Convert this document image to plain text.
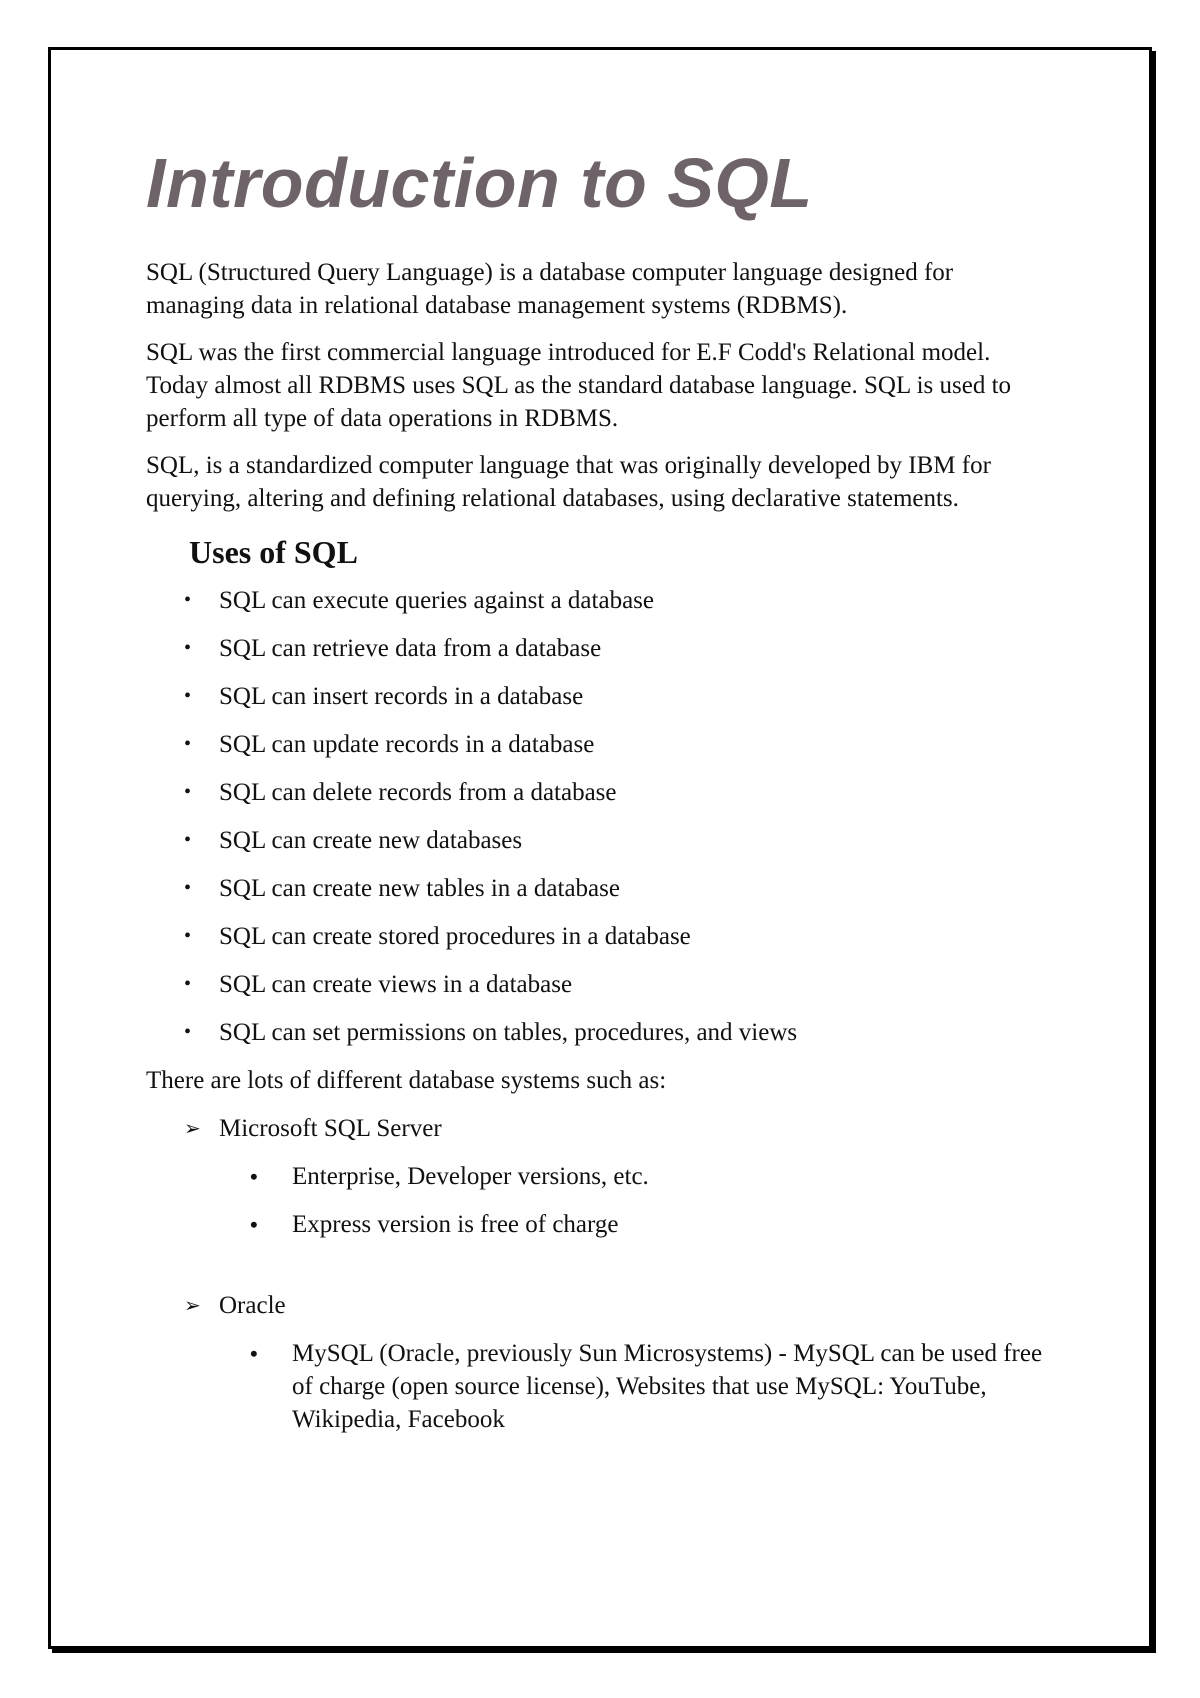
Introduction to SQL

SQL (Structured Query Language) is a database computer language designed for managing data in relational database management systems (RDBMS).

SQL was the first commercial language introduced for E.F Codd's Relational model. Today almost all RDBMS uses SQL as the standard database language. SQL is used to perform all type of data operations in RDBMS.

SQL, is a standardized computer language that was originally developed by IBM for querying, altering and defining relational databases, using declarative statements.

Uses of SQL
• SQL can execute queries against a database
• SQL can retrieve data from a database
• SQL can insert records in a database
• SQL can update records in a database
• SQL can delete records from a database
• SQL can create new databases
• SQL can create new tables in a database
• SQL can create stored procedures in a database
• SQL can create views in a database
• SQL can set permissions on tables, procedures, and views

There are lots of different database systems such as:

➢ Microsoft SQL Server
• Enterprise, Developer versions, etc.
• Express version is free of charge
➢ Oracle
• MySQL (Oracle, previously Sun Microsystems) - MySQL can be used free of charge (open source license), Websites that use MySQL: YouTube, Wikipedia, Facebook
